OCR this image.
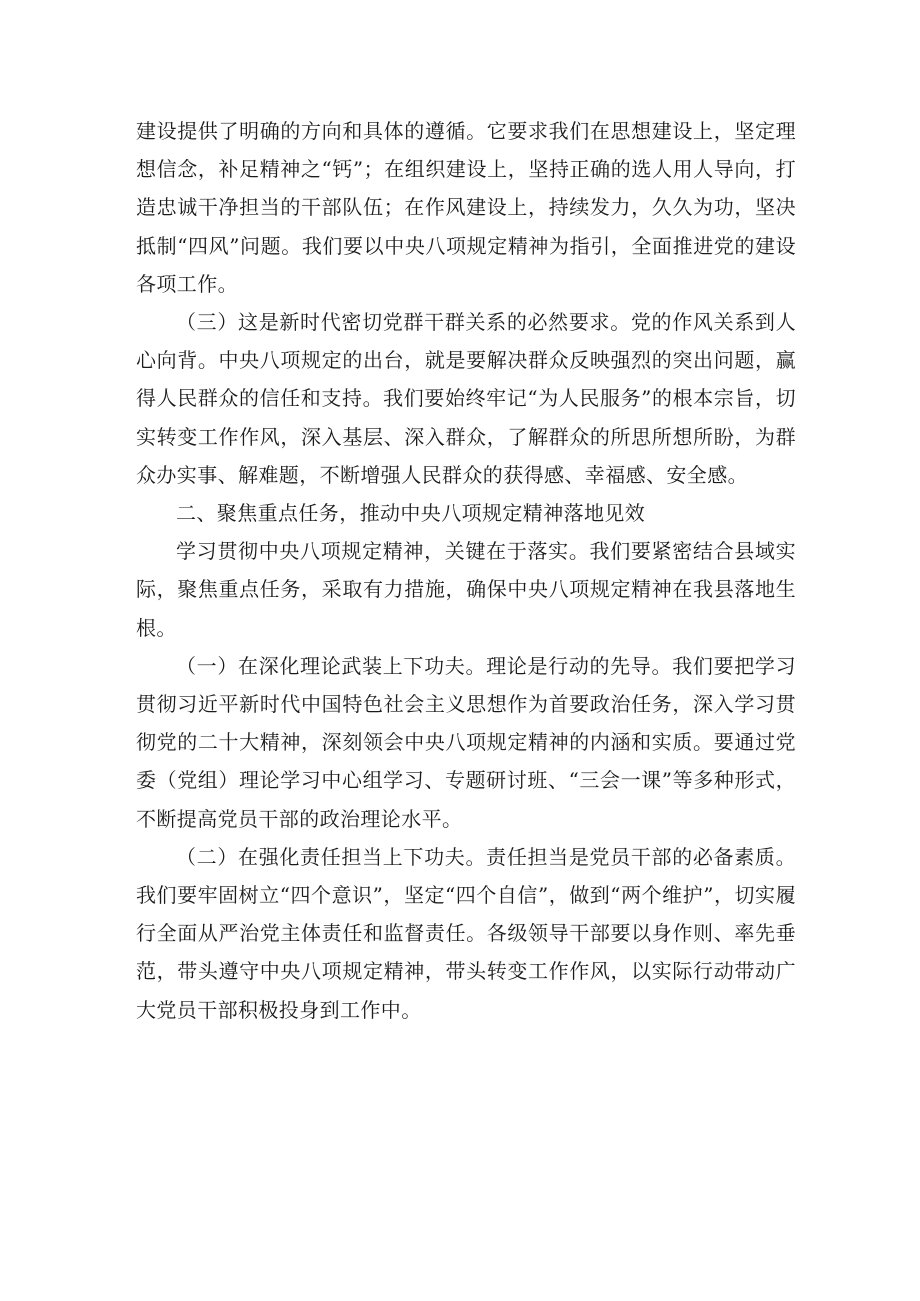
建设提供了明确的方向和具体的遵循。它要求我们在思想建设上，坚定理想信念，补足精神之“钙”；在组织建设上，坚持正确的选人用人导向，打造忠诚干净担当的干部队伍；在作风建设上，持续发力，久久为功，坚决抵制“四风”问题。我们要以中央八项规定精神为指引，全面推进党的建设各项工作。

（三）这是新时代密切党群干群关系的必然要求。党的作风关系到人心向背。中央八项规定的出台，就是要解决群众反映强烈的突出问题，赢得人民群众的信任和支持。我们要始终牢记“为人民服务”的根本宗旨，切实转变工作作风，深入基层、深入群众，了解群众的所思所想所盼，为群众办实事、解难题，不断增强人民群众的获得感、幸福感、安全感。

二、聚焦重点任务，推动中央八项规定精神落地见效

学习贯彻中央八项规定精神，关键在于落实。我们要紧密结合县域实际，聚焦重点任务，采取有力措施，确保中央八项规定精神在我县落地生根。

（一）在深化理论武装上下功夫。理论是行动的先导。我们要把学习贯彻习近平新时代中国特色社会主义思想作为首要政治任务，深入学习贯彻党的二十大精神，深刻领会中央八项规定精神的内涵和实质。要通过党委（党组）理论学习中心组学习、专题研讨班、“三会一课”等多种形式，不断提高党员干部的政治理论水平。

（二）在强化责任担当上下功夫。责任担当是党员干部的必备素质。我们要牢固树立“四个意识”，坚定“四个自信”，做到“两个维护”，切实履行全面从严治党主体责任和监督责任。各级领导干部要以身作则、率先垂范，带头遵守中央八项规定精神，带头转变工作作风，以实际行动带动广大党员干部积极投身到工作中。
